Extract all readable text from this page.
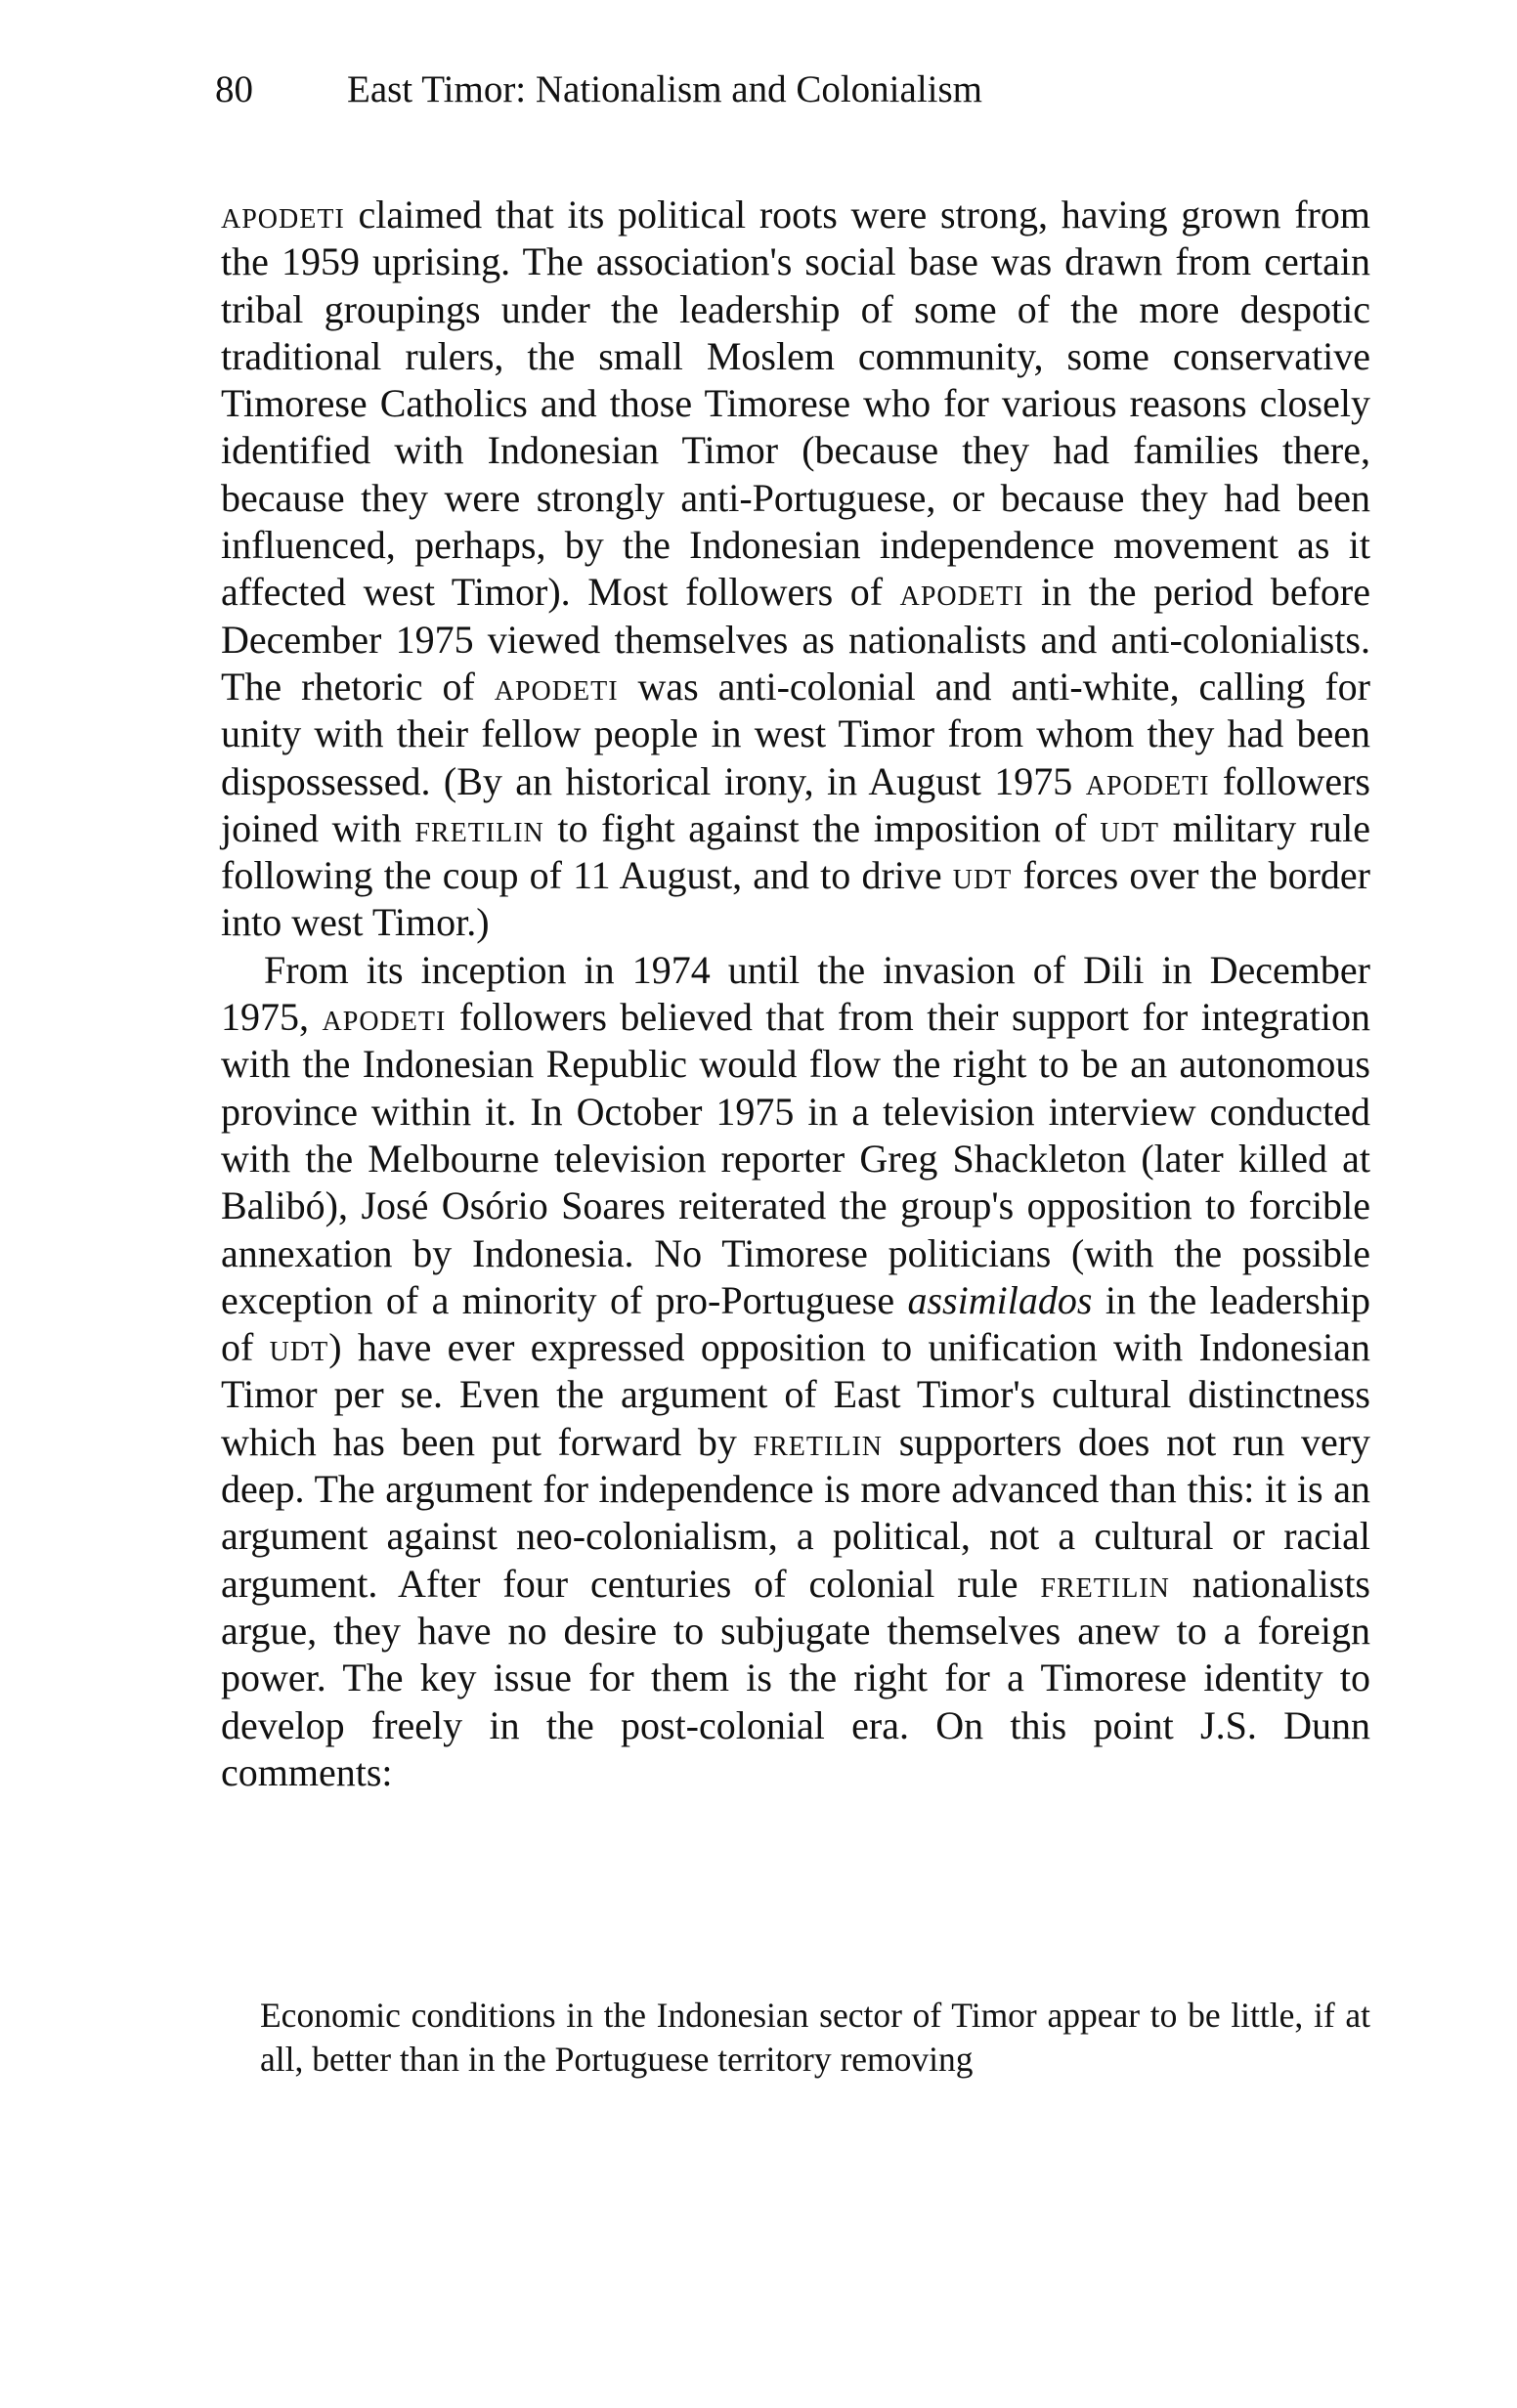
80 East Timor: Nationalism and Colonialism

apodeti claimed that its political roots were strong, having grown from the 1959 uprising. The association's social base was drawn from certain tribal groupings under the leadership of some of the more despotic traditional rulers, the small Moslem community, some conservative Timorese Catholics and those Timorese who for various reasons closely identified with Indonesian Timor (because they had families there, because they were strongly anti-Portuguese, or because they had been influenced, perhaps, by the Indonesian independence movement as it affected west Timor). Most followers of apodeti in the period before December 1975 viewed themselves as nationalists and anti-colonialists. The rhetoric of apodeti was anti-colonial and anti-white, calling for unity with their fellow people in west Timor from whom they had been dispossessed. (By an historical irony, in August 1975 apodeti followers joined with fretilin to fight against the imposition of udt military rule following the coup of 11 August, and to drive udt forces over the border into west Timor.)

From its inception in 1974 until the invasion of Dili in December 1975, apodeti followers believed that from their support for integration with the Indonesian Republic would flow the right to be an autonomous province within it. In October 1975 in a television interview conducted with the Melbourne television reporter Greg Shackleton (later killed at Balibó), José Osório Soares reiterated the group's opposition to forcible annexation by Indonesia. No Timorese politicians (with the possible exception of a minority of pro-Portuguese assimilados in the leadership of udt) have ever expressed opposition to unification with Indonesian Timor per se. Even the argument of East Timor's cultural distinctness which has been put forward by fretilin supporters does not run very deep. The argument for independence is more advanced than this: it is an argument against neo-colonialism, a political, not a cultural or racial argument. After four centuries of colonial rule fretilin nationalists argue, they have no desire to subjugate themselves anew to a foreign power. The key issue for them is the right for a Timorese identity to develop freely in the post-colonial era. On this point J.S. Dunn comments:

Economic conditions in the Indonesian sector of Timor appear to be little, if at all, better than in the Portuguese territory removing
